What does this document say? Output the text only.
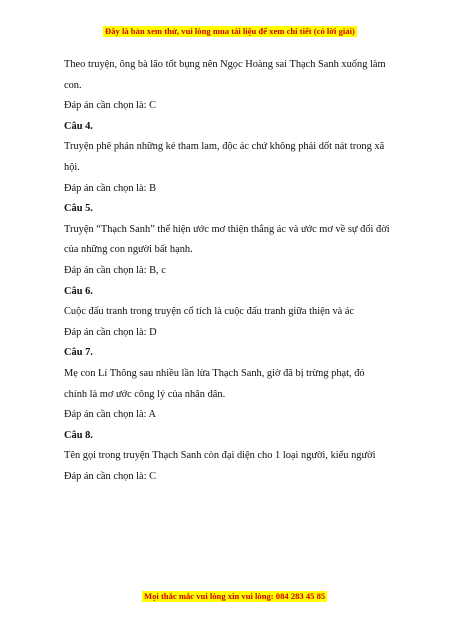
Đây là bản xem thử, vui lòng mua tài liệu để xem chi tiết (có lời giải)

Theo truyện, ông bà lão tốt bụng nên Ngọc Hoàng sai Thạch Sanh xuống làm con.

Đáp án cần chọn là: C

Câu 4.

Truyện phê phán những kẻ tham lam, độc ác chứ không phải dốt nát trong xã hội.

Đáp án cần chọn là: B

Câu 5.

Truyện “Thạch Sanh” thể hiện ước mơ thiện thắng ác và ước mơ về sự đổi đời của những con người bất hạnh.

Đáp án cần chọn là: B, c

Câu 6.

Cuộc đấu tranh trong truyện cổ tích là cuộc đấu tranh giữa thiện và ác

Đáp án cần chọn là: D

Câu 7.

Mẹ con Lí Thông sau nhiều lần lừa Thạch Sanh, giờ đã bị trừng phạt, đó chính là mơ ước công lý của nhân dân.

Đáp án cần chọn là: A

Câu 8.

Tên gọi trong truyện Thạch Sanh còn đại diện cho 1 loại người, kiểu người

Đáp án cần chọn là: C

Mọi thắc mắc vui lòng xin vui lòng: 084 283 45 85
